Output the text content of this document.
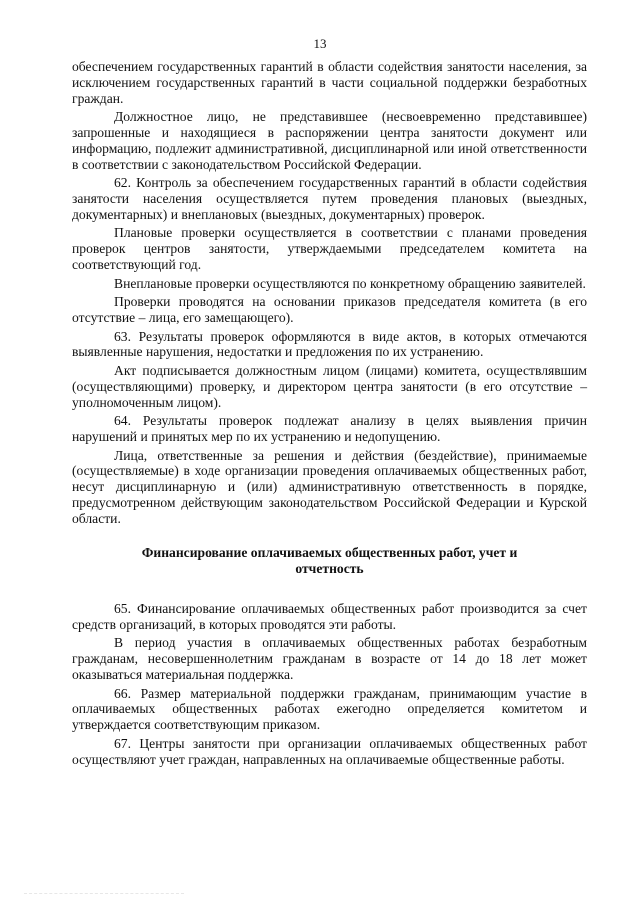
13

обеспечением государственных гарантий в области содействия занятости населения, за исключением государственных гарантий в части социальной поддержки безработных граждан.

Должностное лицо, не представившее (несвоевременно представившее) запрошенные и находящиеся в распоряжении центра занятости документ или информацию, подлежит административной, дисциплинарной или иной ответственности в соответствии с законодательством Российской Федерации.

62. Контроль за обеспечением государственных гарантий в области содействия занятости населения осуществляется путем проведения плановых (выездных, документарных) и внеплановых (выездных, документарных) проверок.

Плановые проверки осуществляется в соответствии с планами проведения проверок центров занятости, утверждаемыми председателем комитета на соответствующий год.

Внеплановые проверки осуществляются по конкретному обращению заявителей.

Проверки проводятся на основании приказов председателя комитета (в его отсутствие – лица, его замещающего).

63. Результаты проверок оформляются в виде актов, в которых отмечаются выявленные нарушения, недостатки и предложения по их устранению.

Акт подписывается должностным лицом (лицами) комитета, осуществлявшим (осуществляющими) проверку, и директором центра занятости (в его отсутствие – уполномоченным лицом).

64. Результаты проверок подлежат анализу в целях выявления причин нарушений и принятых мер по их устранению и недопущению.

Лица, ответственные за решения и действия (бездействие), принимаемые (осуществляемые) в ходе организации проведения оплачиваемых общественных работ, несут дисциплинарную и (или) административную ответственность в порядке, предусмотренном действующим законодательством Российской Федерации и Курской области.

Финансирование оплачиваемых общественных работ, учет и отчетность

65. Финансирование оплачиваемых общественных работ производится за счет средств организаций, в которых проводятся эти работы.

В период участия в оплачиваемых общественных работах безработным гражданам, несовершеннолетним гражданам в возрасте от 14 до 18 лет может оказываться материальная поддержка.

66. Размер материальной поддержки гражданам, принимающим участие в оплачиваемых общественных работах ежегодно определяется комитетом и утверждается соответствующим приказом.

67. Центры занятости при организации оплачиваемых общественных работ осуществляют учет граждан, направленных на оплачиваемые общественные работы.
